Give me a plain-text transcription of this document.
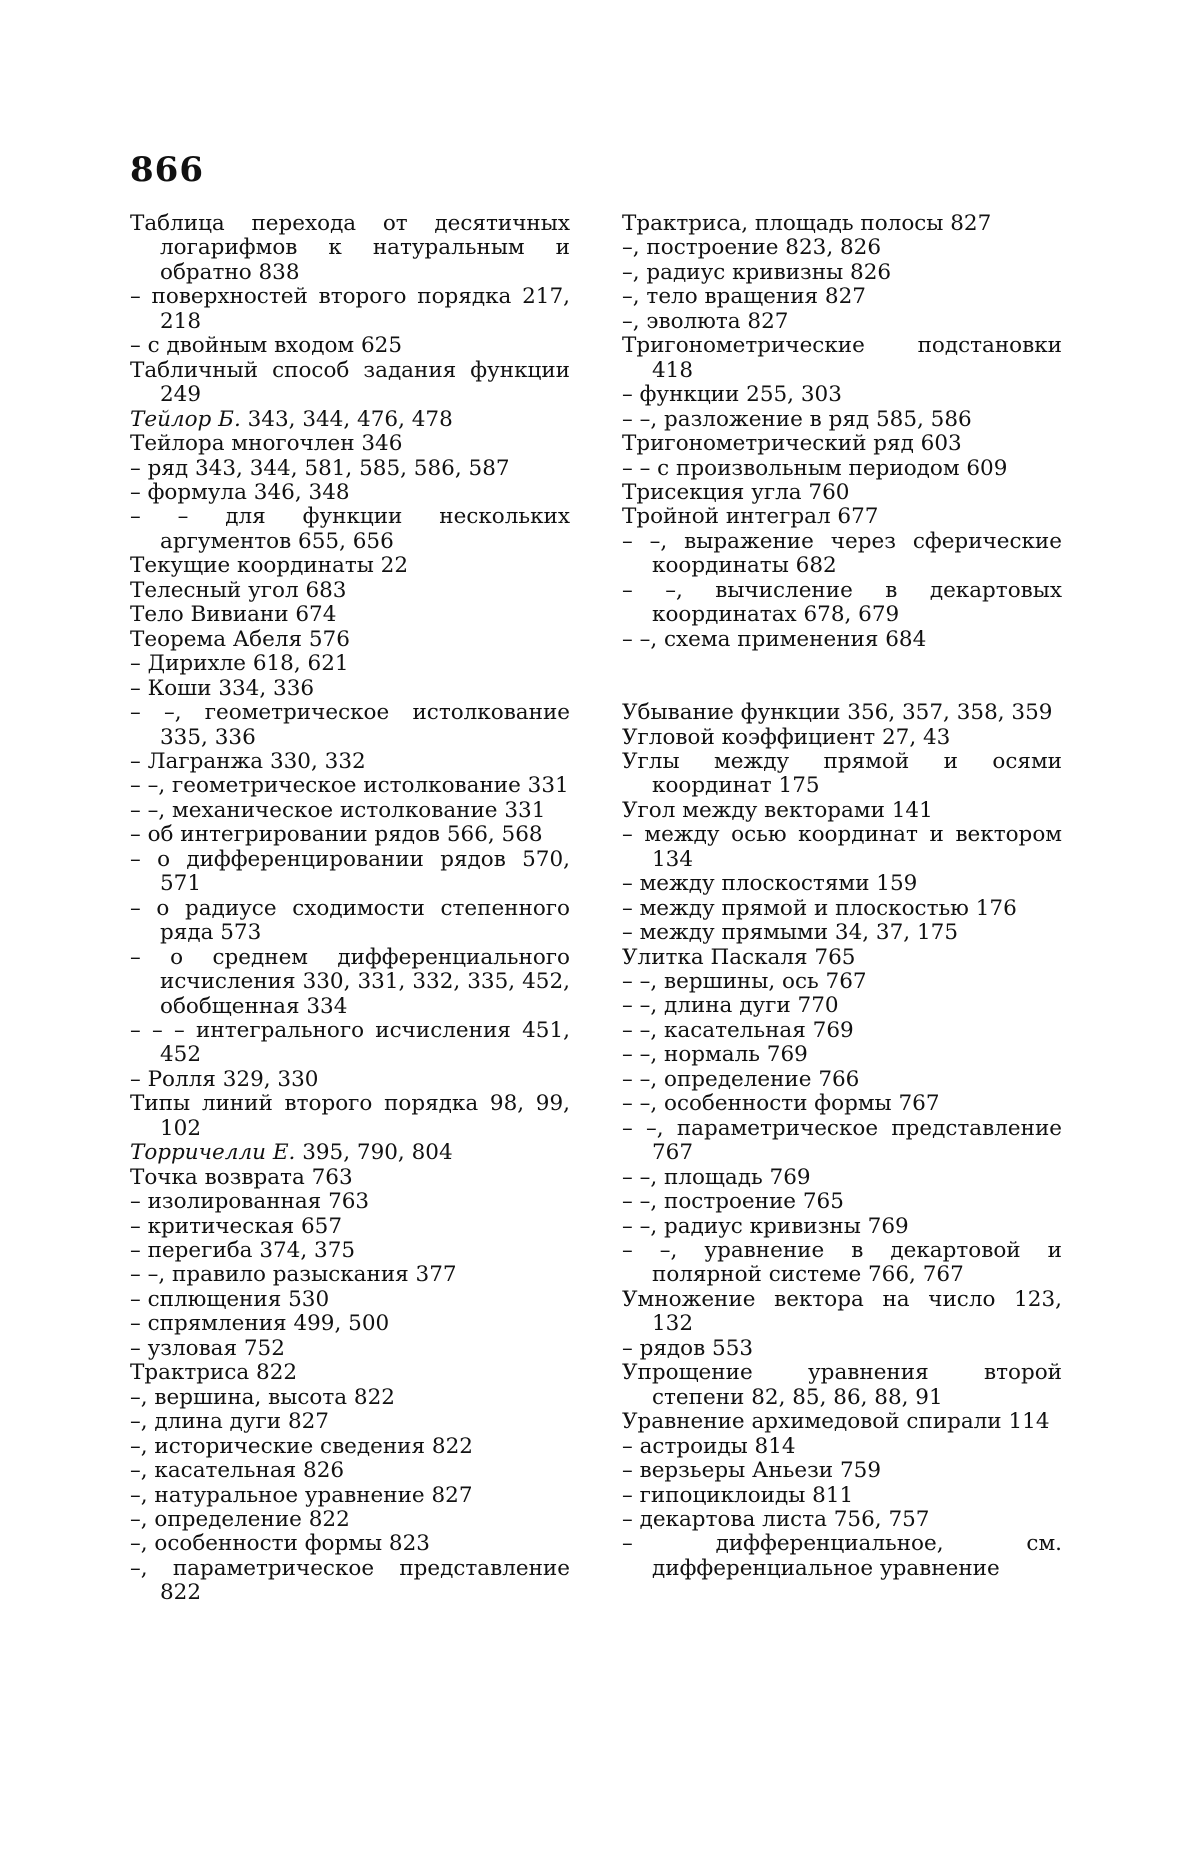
866
Таблица перехода от десятичных логарифмов к натуральным и обратно 838
– поверхностей второго порядка 217, 218
– с двойным входом 625
Табличный способ задания функции 249
Тейлор Б. 343, 344, 476, 478
Тейлора многочлен 346
– ряд 343, 344, 581, 585, 586, 587
– формула 346, 348
– – для функции нескольких аргументов 655, 656
Текущие координаты 22
Телесный угол 683
Тело Вивиани 674
Теорема Абеля 576
– Дирихле 618, 621
– Коши 334, 336
– –, геометрическое истолкование 335, 336
– Лагранжа 330, 332
– –, геометрическое истолкование 331
– –, механическое истолкование 331
– об интегрировании рядов 566, 568
– о дифференцировании рядов 570, 571
– о радиусе сходимости степенного ряда 573
– о среднем дифференциального исчисления 330, 331, 332, 335, 452, обобщенная 334
– – – интегрального исчисления 451, 452
– Ролля 329, 330
Типы линий второго порядка 98, 99, 102
Торричелли Е. 395, 790, 804
Точка возврата 763
– изолированная 763
– критическая 657
– перегиба 374, 375
– –, правило разыскания 377
– сплющения 530
– спрямления 499, 500
– узловая 752
Трактриса 822
–, вершина, высота 822
–, длина дуги 827
–, исторические сведения 822
–, касательная 826
–, натуральное уравнение 827
–, определение 822
–, особенности формы 823
–, параметрическое представление 822
Трактриса, площадь полосы 827
–, построение 823, 826
–, радиус кривизны 826
–, тело вращения 827
–, эволюта 827
Тригонометрические подстановки 418
– функции 255, 303
– –, разложение в ряд 585, 586
Тригонометрический ряд 603
– – с произвольным периодом 609
Трисекция угла 760
Тройной интеграл 677
– –, выражение через сферические координаты 682
– –, вычисление в декартовых координатах 678, 679
– –, схема применения 684
Убывание функции 356, 357, 358, 359
Угловой коэффициент 27, 43
Углы между прямой и осями координат 175
Угол между векторами 141
– между осью координат и вектором 134
– между плоскостями 159
– между прямой и плоскостью 176
– между прямыми 34, 37, 175
Улитка Паскаля 765
– –, вершины, ось 767
– –, длина дуги 770
– –, касательная 769
– –, нормаль 769
– –, определение 766
– –, особенности формы 767
– –, параметрическое представление 767
– –, площадь 769
– –, построение 765
– –, радиус кривизны 769
– –, уравнение в декартовой и полярной системе 766, 767
Умножение вектора на число 123, 132
– рядов 553
Упрощение уравнения второй степени 82, 85, 86, 88, 91
Уравнение архимедовой спирали 114
– астроиды 814
– верзьеры Аньези 759
– гипоциклоиды 811
– декартова листа 756, 757
– дифференциальное, см. дифференциальное уравнение
